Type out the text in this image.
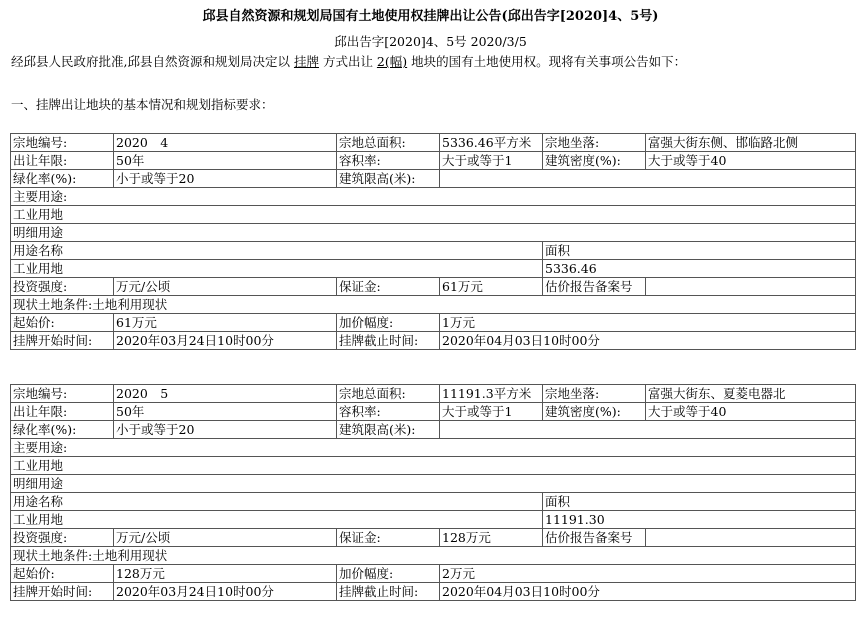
邱县自然资源和规划局国有土地使用权挂牌出让公告(邱出告字[2020]4、5号)
邱出告字[2020]4、5号 2020/3/5
经邱县人民政府批准,邱县自然资源和规划局决定以 挂牌 方式出让 2(幅) 地块的国有土地使用权。现将有关事项公告如下：
一、挂牌出让地块的基本情况和规划指标要求：
宗地编号:	2020　4	宗地总面积:	5336.46平方米	宗地坐落:	富强大街东侧、邯临路北侧
出让年限:	50年	容积率:	大于或等于1	建筑密度(%):	大于或等于40
绿化率(%):	小于或等于20	建筑限高(米):			
主要用途:					
工业用地					
明细用途					
用途名称				面积	
工业用地				5336.46	
投资强度:	万元/公顷	保证金:	61万元	估价报告备案号	
现状土地条件:土地利用现状					
起始价:	61万元	加价幅度:	1万元		
挂牌开始时间:	2020年03月24日10时00分	挂牌截止时间:	2020年04月03日10时00分		
宗地编号:	2020　5	宗地总面积:	11191.3平方米	宗地坐落:	富强大街东、夏菱电器北
出让年限:	50年	容积率:	大于或等于1	建筑密度(%):	大于或等于40
绿化率(%):	小于或等于20	建筑限高(米):			
主要用途:					
工业用地					
明细用途					
用途名称				面积	
工业用地				11191.30	
投资强度:	万元/公顷	保证金:	128万元	估价报告备案号	
现状土地条件:土地利用现状					
起始价:	128万元	加价幅度:	2万元		
挂牌开始时间:	2020年03月24日10时00分	挂牌截止时间:	2020年04月03日10时00分		
